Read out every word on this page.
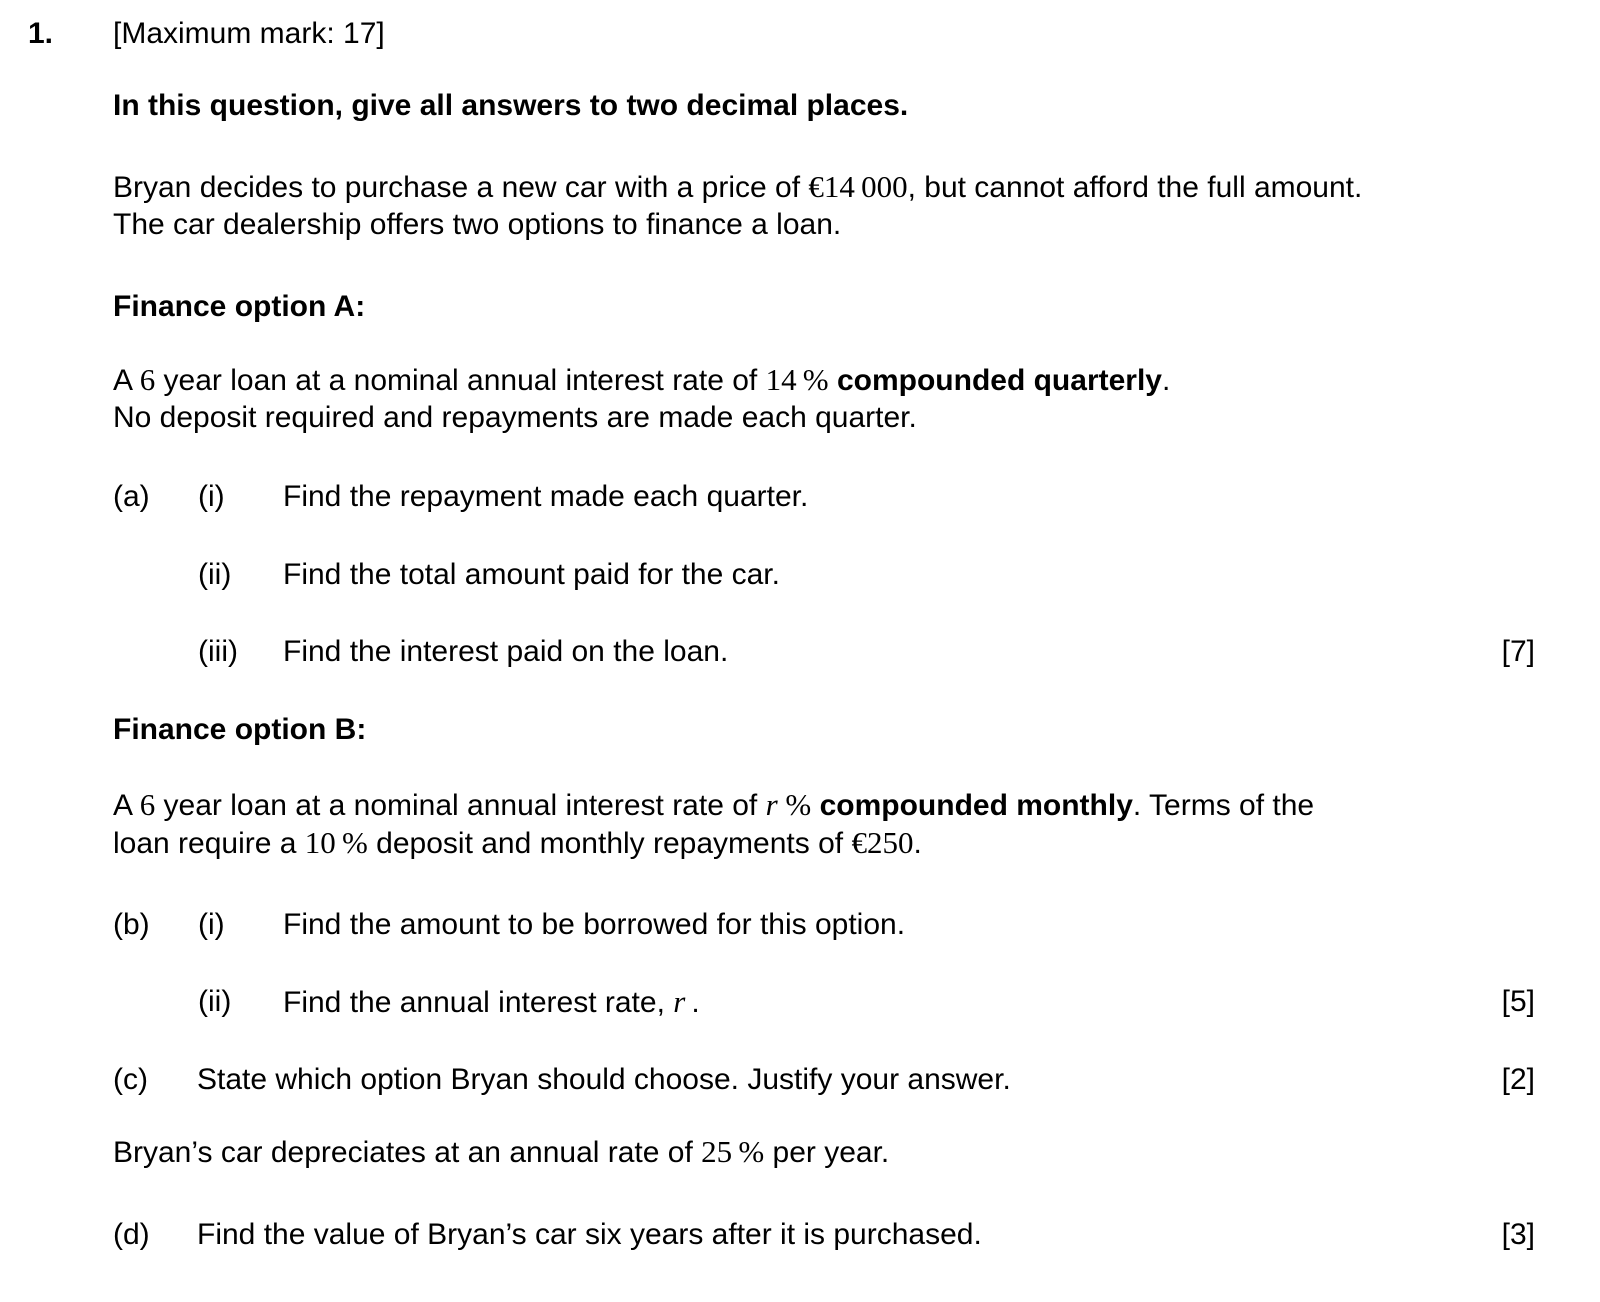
1. [Maximum mark: 17]
In this question, give all answers to two decimal places.
Bryan decides to purchase a new car with a price of €14 000, but cannot afford the full amount.
The car dealership offers two options to finance a loan.
Finance option A:
A 6 year loan at a nominal annual interest rate of 14 % compounded quarterly.
No deposit required and repayments are made each quarter.
(a) (i) Find the repayment made each quarter.
(ii) Find the total amount paid for the car.
(iii) Find the interest paid on the loan.	[7]
Finance option B:
A 6 year loan at a nominal annual interest rate of r % compounded monthly. Terms of the
loan require a 10 % deposit and monthly repayments of €250.
(b) (i) Find the amount to be borrowed for this option.
(ii) Find the annual interest rate, r .	[5]
(c) State which option Bryan should choose. Justify your answer.	[2]
Bryan’s car depreciates at an annual rate of 25 % per year.
(d) Find the value of Bryan’s car six years after it is purchased.	[3]
